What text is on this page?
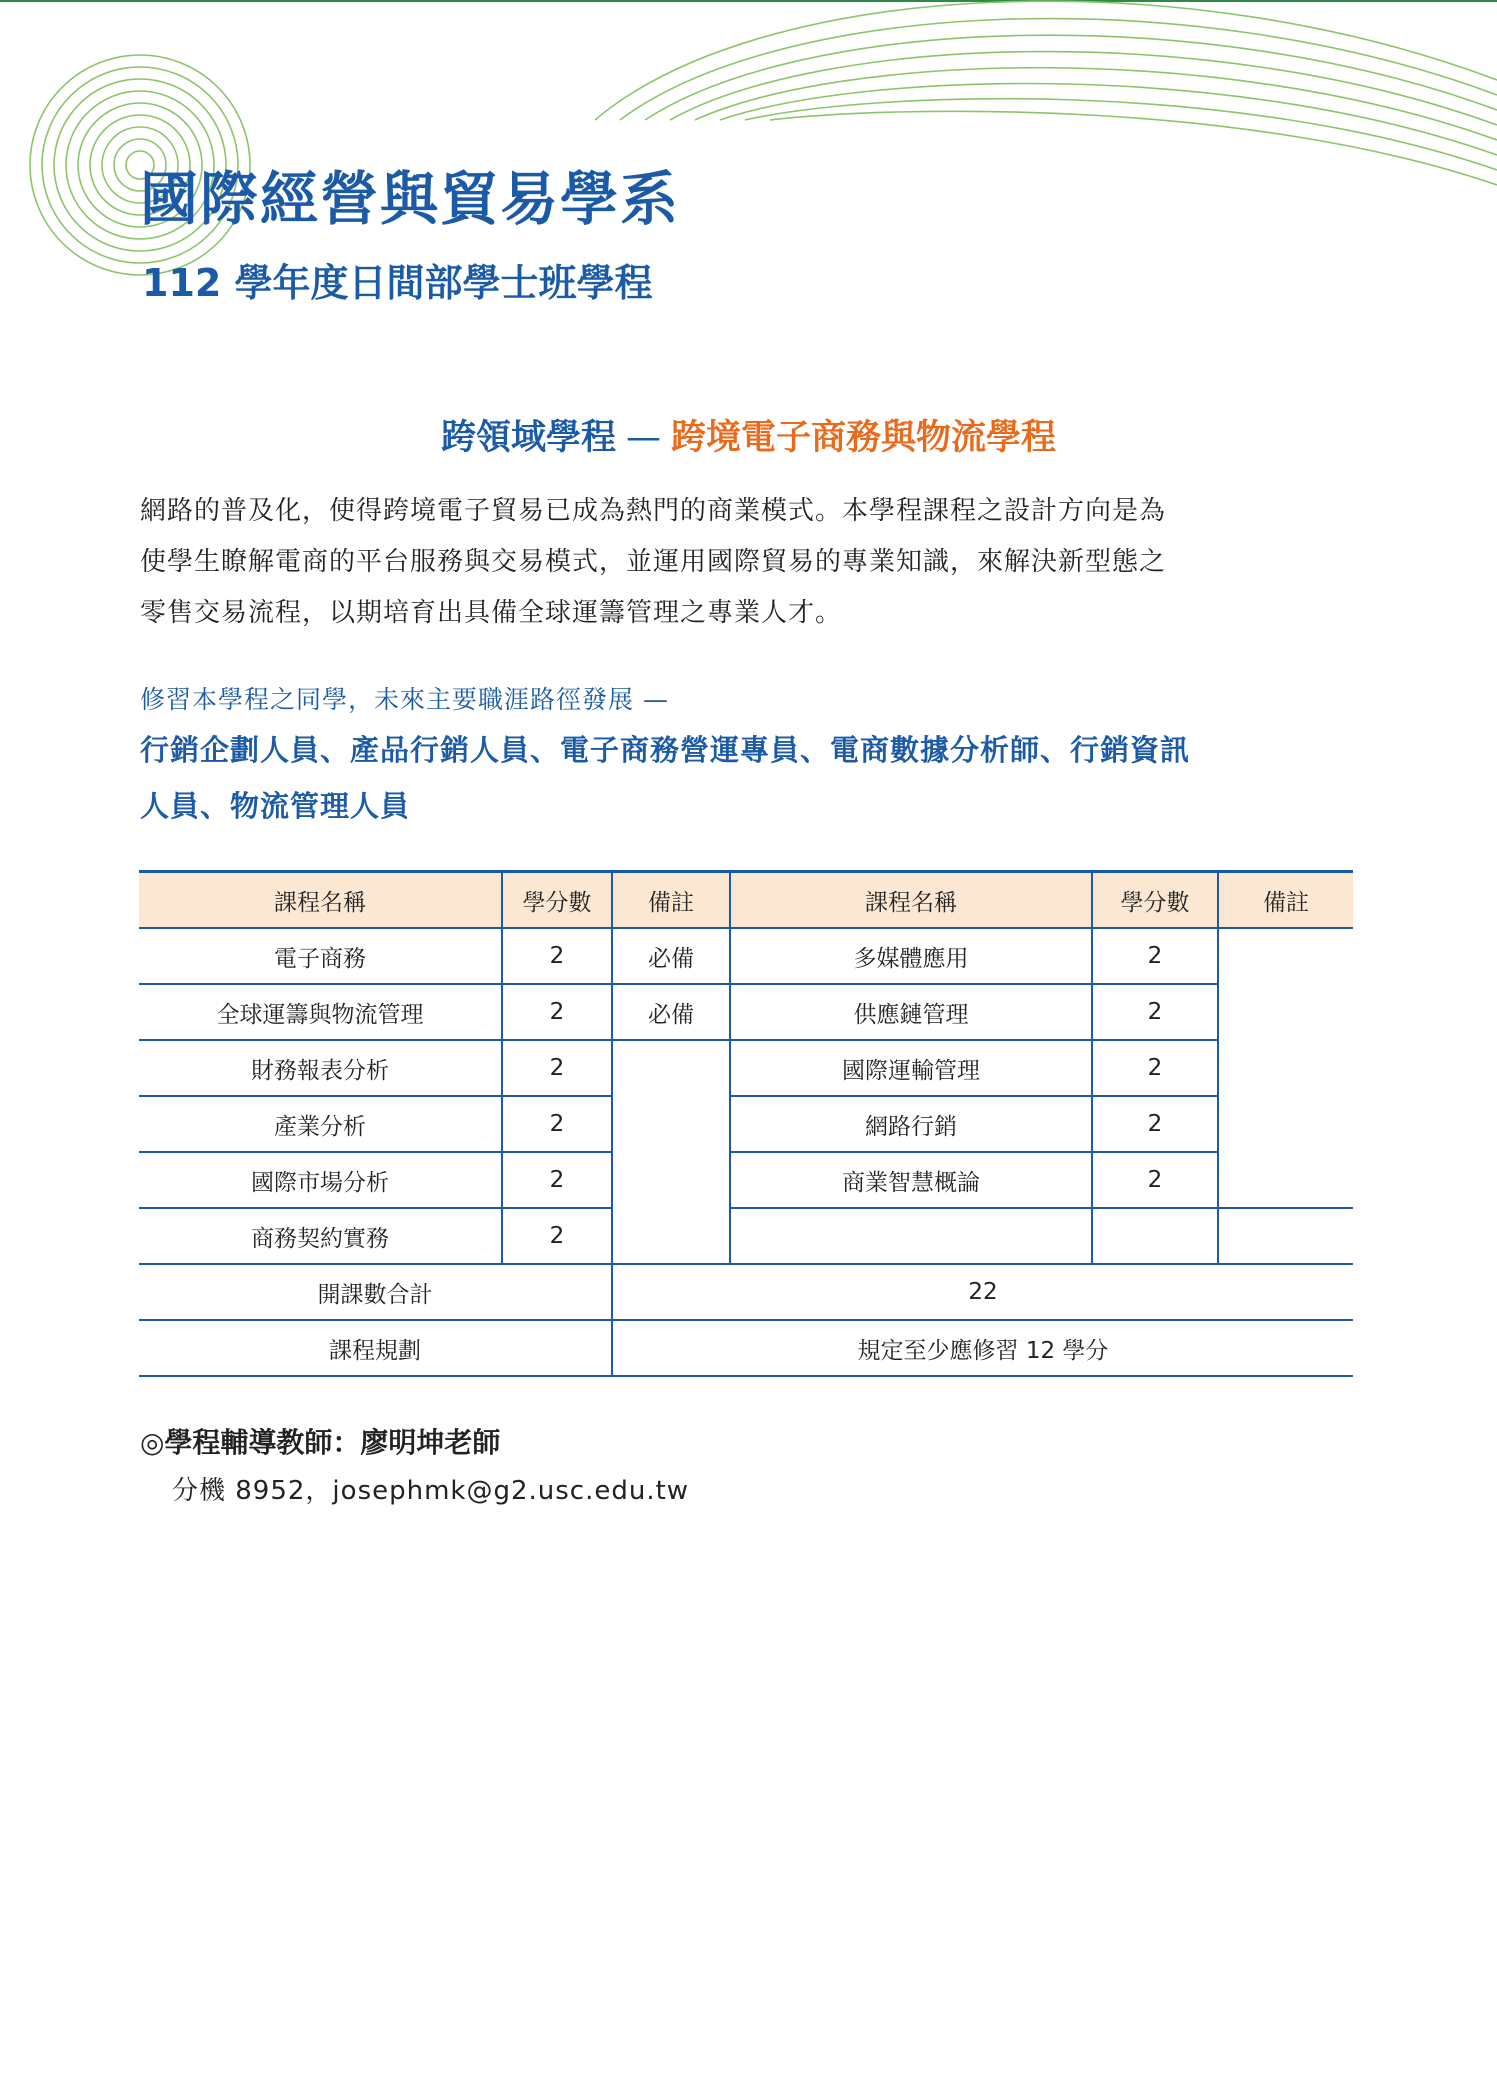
國際經營與貿易學系
112 學年度日間部學士班學程
跨領域學程 — 跨境電子商務與物流學程
網路的普及化，使得跨境電子貿易已成為熱門的商業模式。本學程課程之設計方向是為
使學生瞭解電商的平台服務與交易模式，並運用國際貿易的專業知識，來解決新型態之
零售交易流程，以期培育出具備全球運籌管理之專業人才。
修習本學程之同學，未來主要職涯路徑發展 —
行銷企劃人員、產品行銷人員、電子商務營運專員、電商數據分析師、行銷資訊
人員、物流管理人員
課程名稱	學分數	備註	課程名稱	學分數	備註
電子商務	2	必備	多媒體應用	2	
全球運籌與物流管理	2	必備	供應鏈管理	2	
財務報表分析	2		國際運輸管理	2	
產業分析	2		網路行銷	2	
國際市場分析	2		商業智慧概論	2	
商務契約實務	2				
開課數合計		22			
課程規劃		規定至少應修習 12 學分			
◎學程輔導教師：廖明坤老師
分機 8952，josephmk@g2.usc.edu.tw
